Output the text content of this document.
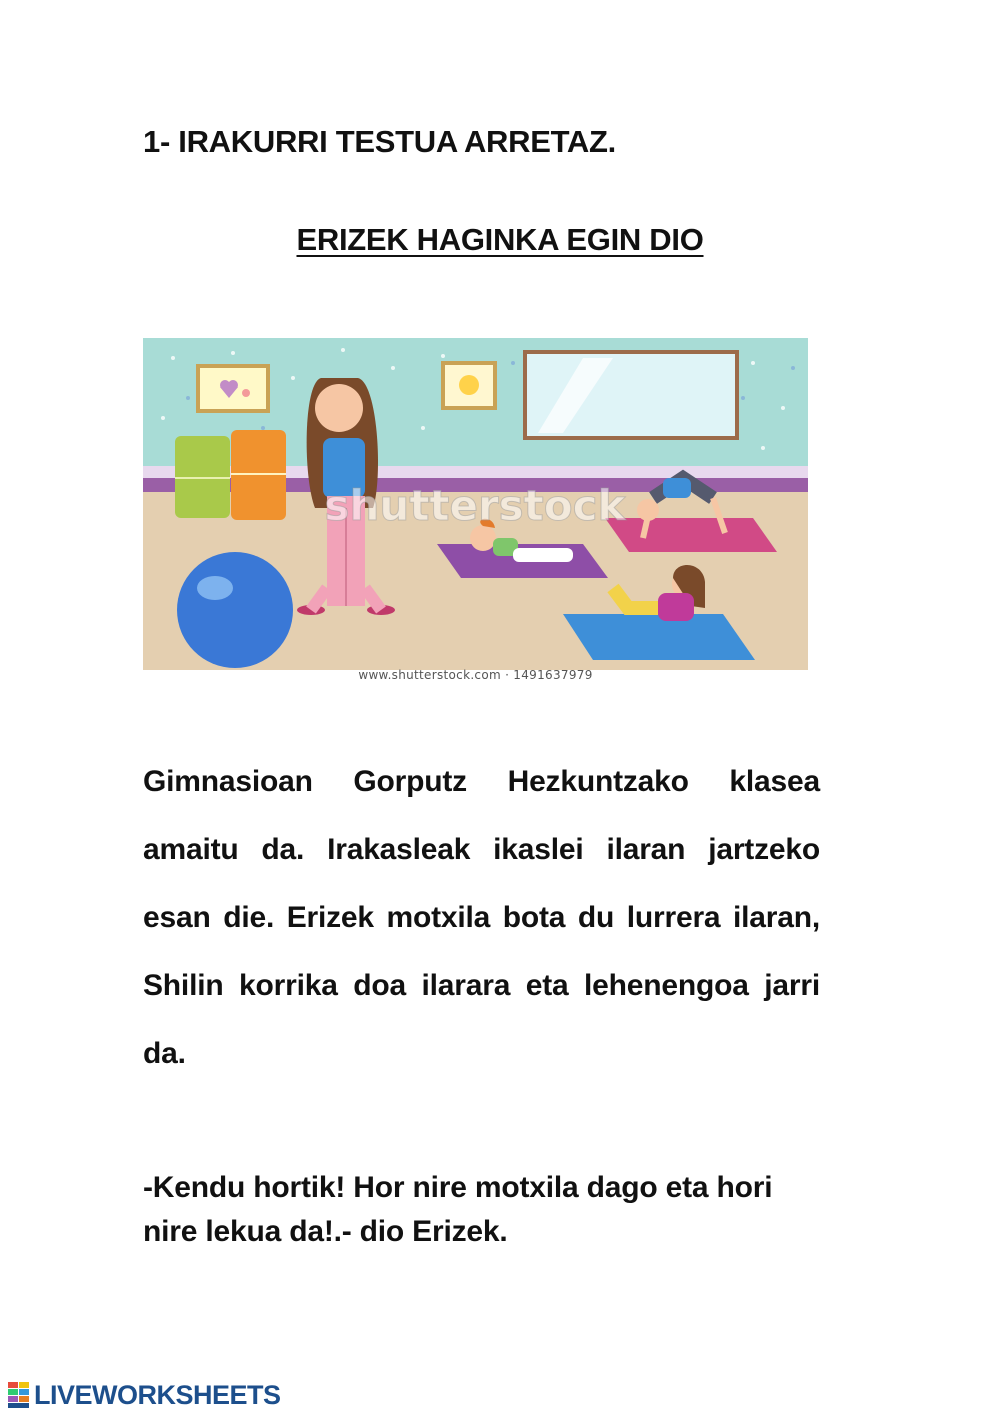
1- IRAKURRI TESTUA ARRETAZ.
ERIZEK HAGINKA EGIN DIO
shutterstock
www.shutterstock.com · 1491637979

Gimnasioan Gorputz Hezkuntzako klasea amaitu da. Irakasleak ikaslei ilaran jartzeko esan die. Erizek motxila bota du lurrera ilaran, Shilin korrika doa ilarara eta lehenengoa jarri da.

-Kendu hortik! Hor nire motxila dago eta hori
nire lekua da!.- dio Erizek.
LIVEWORKSHEETS
